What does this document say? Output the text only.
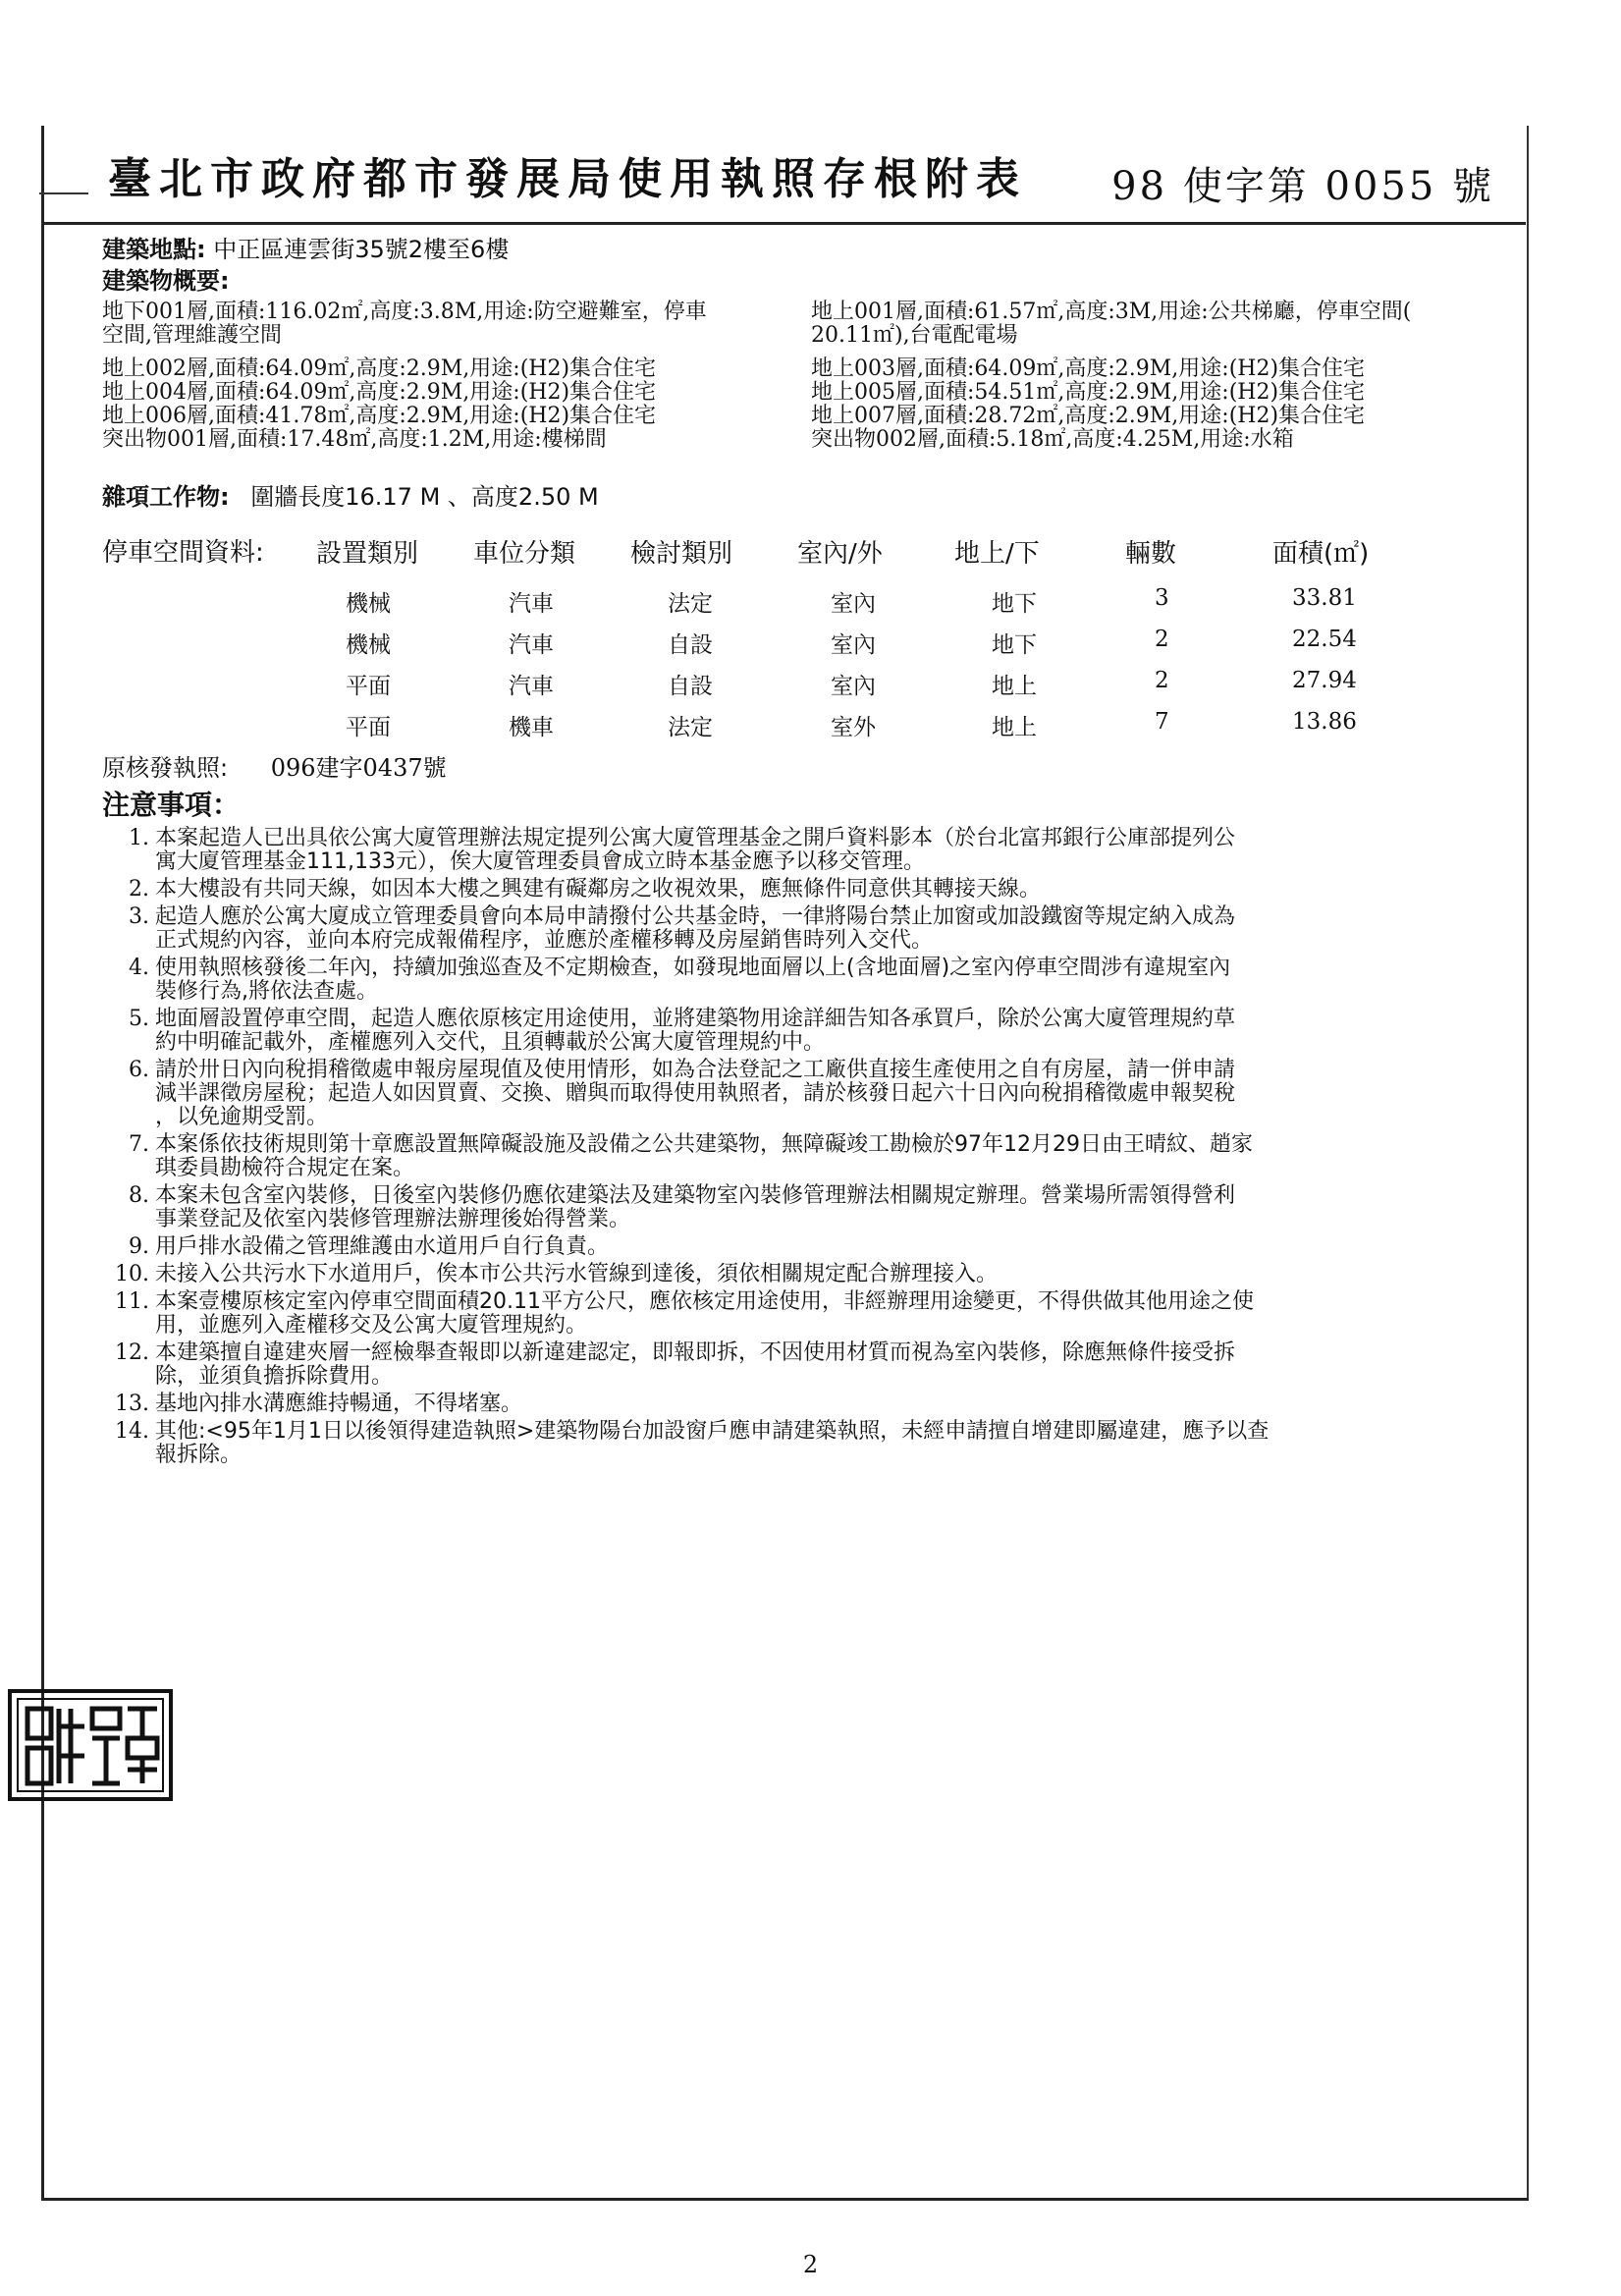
臺北市政府都市發展局使用執照存根附表 98 使字第 0055 號
建築地點: 中正區連雲街35號2樓至6樓
建築物概要:
地下001層,面積:116.02㎡,高度:3.8M,用途:防空避難室，停車
空間,管理維護空間
地上002層,面積:64.09㎡,高度:2.9M,用途:(H2)集合住宅
地上004層,面積:64.09㎡,高度:2.9M,用途:(H2)集合住宅
地上006層,面積:41.78㎡,高度:2.9M,用途:(H2)集合住宅
突出物001層,面積:17.48㎡,高度:1.2M,用途:樓梯間
地上001層,面積:61.57㎡,高度:3M,用途:公共梯廳，停車空間(
20.11㎡),台電配電場
地上003層,面積:64.09㎡,高度:2.9M,用途:(H2)集合住宅
地上005層,面積:54.51㎡,高度:2.9M,用途:(H2)集合住宅
地上007層,面積:28.72㎡,高度:2.9M,用途:(H2)集合住宅
突出物002層,面積:5.18㎡,高度:4.25M,用途:水箱
雜項工作物: 圍牆長度16.17 M 、高度2.50 M
停車空間資料: 設置類別 車位分類 檢討類別	室內/外	地上/下	輛數	面積(㎡)
機械	汽車	法定	室內	地下	3	33.81
機械	汽車	自設	室內	地下	2	22.54
平面	汽車	自設	室內	地上	2	27.94
平面	機車	法定	室外	地上	7	13.86
原核發執照: 096建字0437號
注意事項：
1. 本案起造人已出具依公寓大廈管理辦法規定提列公寓大廈管理基金之開戶資料影本（於台北富邦銀行公庫部提列公
寓大廈管理基金111,133元），俟大廈管理委員會成立時本基金應予以移交管理。
2. 本大樓設有共同天線，如因本大樓之興建有礙鄰房之收視效果，應無條件同意供其轉接天線。
3. 起造人應於公寓大廈成立管理委員會向本局申請撥付公共基金時，一律將陽台禁止加窗或加設鐵窗等規定納入成為
正式規約內容，並向本府完成報備程序，並應於產權移轉及房屋銷售時列入交代。
4. 使用執照核發後二年內，持續加強巡查及不定期檢查，如發現地面層以上(含地面層)之室內停車空間涉有違規室內
裝修行為,將依法查處。
5. 地面層設置停車空間，起造人應依原核定用途使用，並將建築物用途詳細告知各承買戶，除於公寓大廈管理規約草
約中明確記載外，產權應列入交代，且須轉載於公寓大廈管理規約中。
6. 請於卅日內向稅捐稽徵處申報房屋現值及使用情形，如為合法登記之工廠供直接生產使用之自有房屋，請一併申請
減半課徵房屋稅；起造人如因買賣、交換、贈與而取得使用執照者，請於核發日起六十日內向稅捐稽徵處申報契稅
，以免逾期受罰。
7. 本案係依技術規則第十章應設置無障礙設施及設備之公共建築物，無障礙竣工勘檢於97年12月29日由王晴紋、趙家
琪委員勘檢符合規定在案。
8. 本案未包含室內裝修，日後室內裝修仍應依建築法及建築物室內裝修管理辦法相關規定辦理。營業場所需領得營利
事業登記及依室內裝修管理辦法辦理後始得營業。
9. 用戶排水設備之管理維護由水道用戶自行負責。
10. 未接入公共污水下水道用戶，俟本市公共污水管線到達後，須依相關規定配合辦理接入。
11. 本案壹樓原核定室內停車空間面積20.11平方公尺，應依核定用途使用，非經辦理用途變更，不得供做其他用途之使
用，並應列入產權移交及公寓大廈管理規約。
12. 本建築擅自違建夾層一經檢舉查報即以新違建認定，即報即拆，不因使用材質而視為室內裝修，除應無條件接受拆
除，並須負擔拆除費用。
13. 基地內排水溝應維持暢通，不得堵塞。
14. 其他:<95年1月1日以後領得建造執照>建築物陽台加設窗戶應申請建築執照，未經申請擅自增建即屬違建，應予以查
報拆除。
2
